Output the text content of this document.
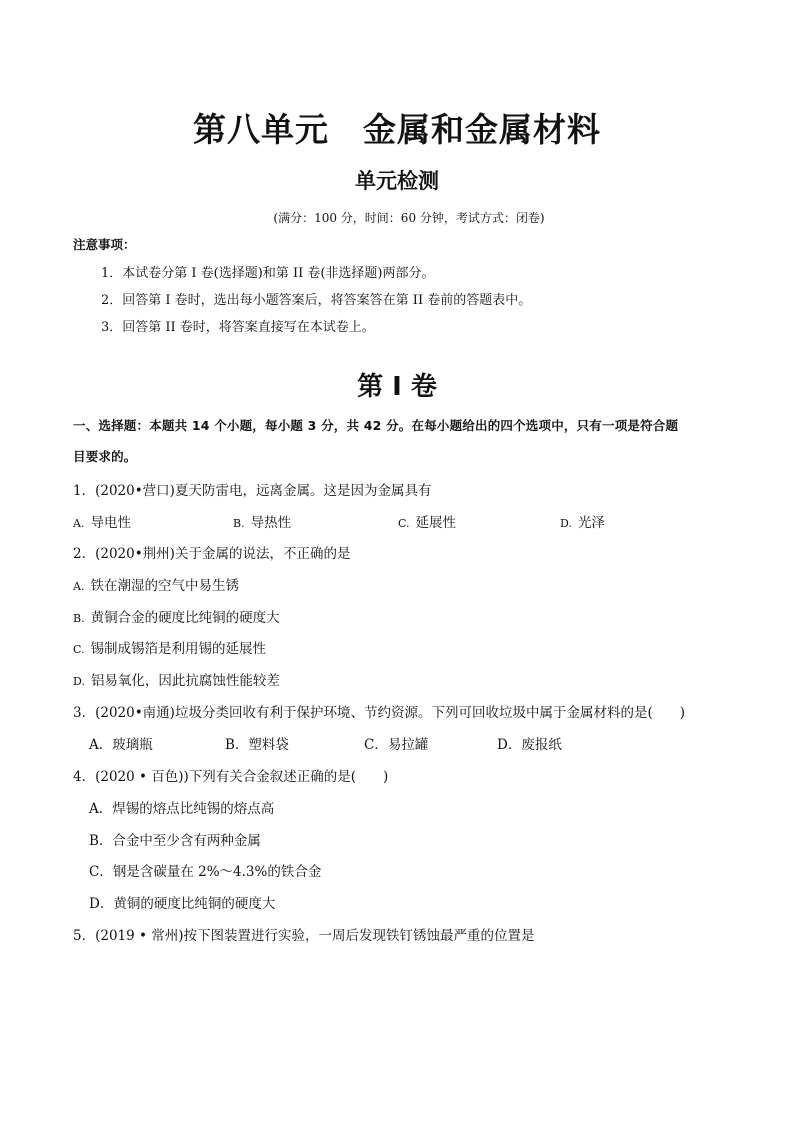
第八单元 金属和金属材料
单元检测
(满分：100 分，时间：60 分钟，考试方式：闭卷)
注意事项：
1．本试卷分第 I 卷(选择题)和第 II 卷(非选择题)两部分。
2．回答第 I 卷时，选出每小题答案后，将答案答在第 II 卷前的答题表中。
3．回答第 II 卷时，将答案直接写在本试卷上。
第 I 卷
一、选择题：本题共 14 个小题，每小题 3 分，共 42 分。在每小题给出的四个选项中，只有一项是符合题
目要求的。
1．(2020•营口)夏天防雷电，远离金属。这是因为金属具有
A. 导电性	B. 导热性	C. 延展性	D. 光泽
2．(2020•荆州)关于金属的说法，不正确的是
A. 铁在潮湿的空气中易生锈
B. 黄铜合金的硬度比纯铜的硬度大
C. 锡制成锡箔是利用锡的延展性
D. 铝易氧化，因此抗腐蚀性能较差
3．(2020•南通)垃圾分类回收有利于保护环境、节约资源。下列可回收垃圾中属于金属材料的是(　　)
A．玻璃瓶	B．塑料袋	C．易拉罐	D．废报纸
4．(2020 • 百色))下列有关合金叙述正确的是(　　)
A．焊锡的熔点比纯锡的熔点高
B．合金中至少含有两种金属
C．钢是含碳量在 2%～4.3%的铁合金
D．黄铜的硬度比纯铜的硬度大
5．(2019 • 常州)按下图装置进行实验，一周后发现铁钉锈蚀最严重的位置是
